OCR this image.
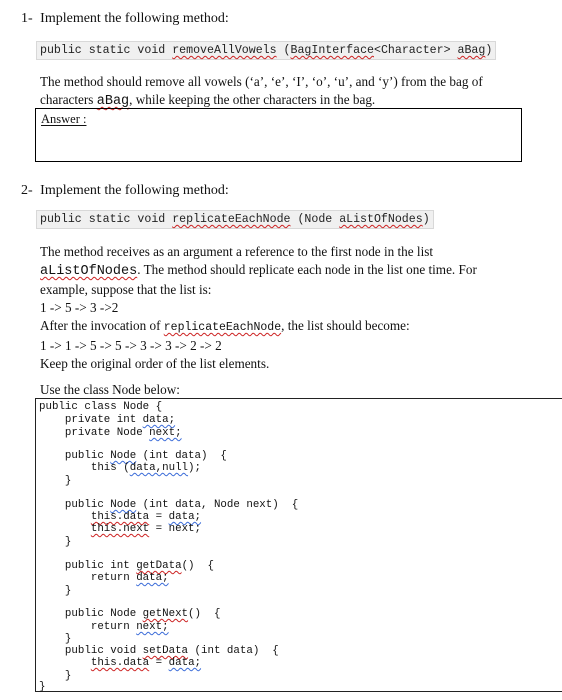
1- Implement the following method:
public static void removeAllVowels (BagInterface<Character> aBag)
The method should remove all vowels (‘a’, ‘e’, ‘I’, ‘o’, ‘u’, and ‘y’) from the bag of
characters aBag, while keeping the other characters in the bag.
Answer :
2- Implement the following method:
public static void replicateEachNode (Node aListOfNodes)
The method receives as an argument a reference to the first node in the list
aListOfNodes. The method should replicate each node in the list one time. For
example, suppose that the list is:
1 -> 5 -> 3 ->2
After the invocation of replicateEachNode, the list should become:
1 -> 1 -> 5 -> 5 -> 3 -> 3 -> 2 -> 2
Keep the original order of the list elements.
Use the class Node below:
public class Node {
private int data;
private Node next;
public Node (int data)  {
this (data,null);
}
public Node (int data, Node next)  {
this.data = data;
this.next = next;
}
public int getData()  {
return data;
}
public Node getNext()  {
return next;
}
public void setData (int data)  {
this.data = data;
}
}
